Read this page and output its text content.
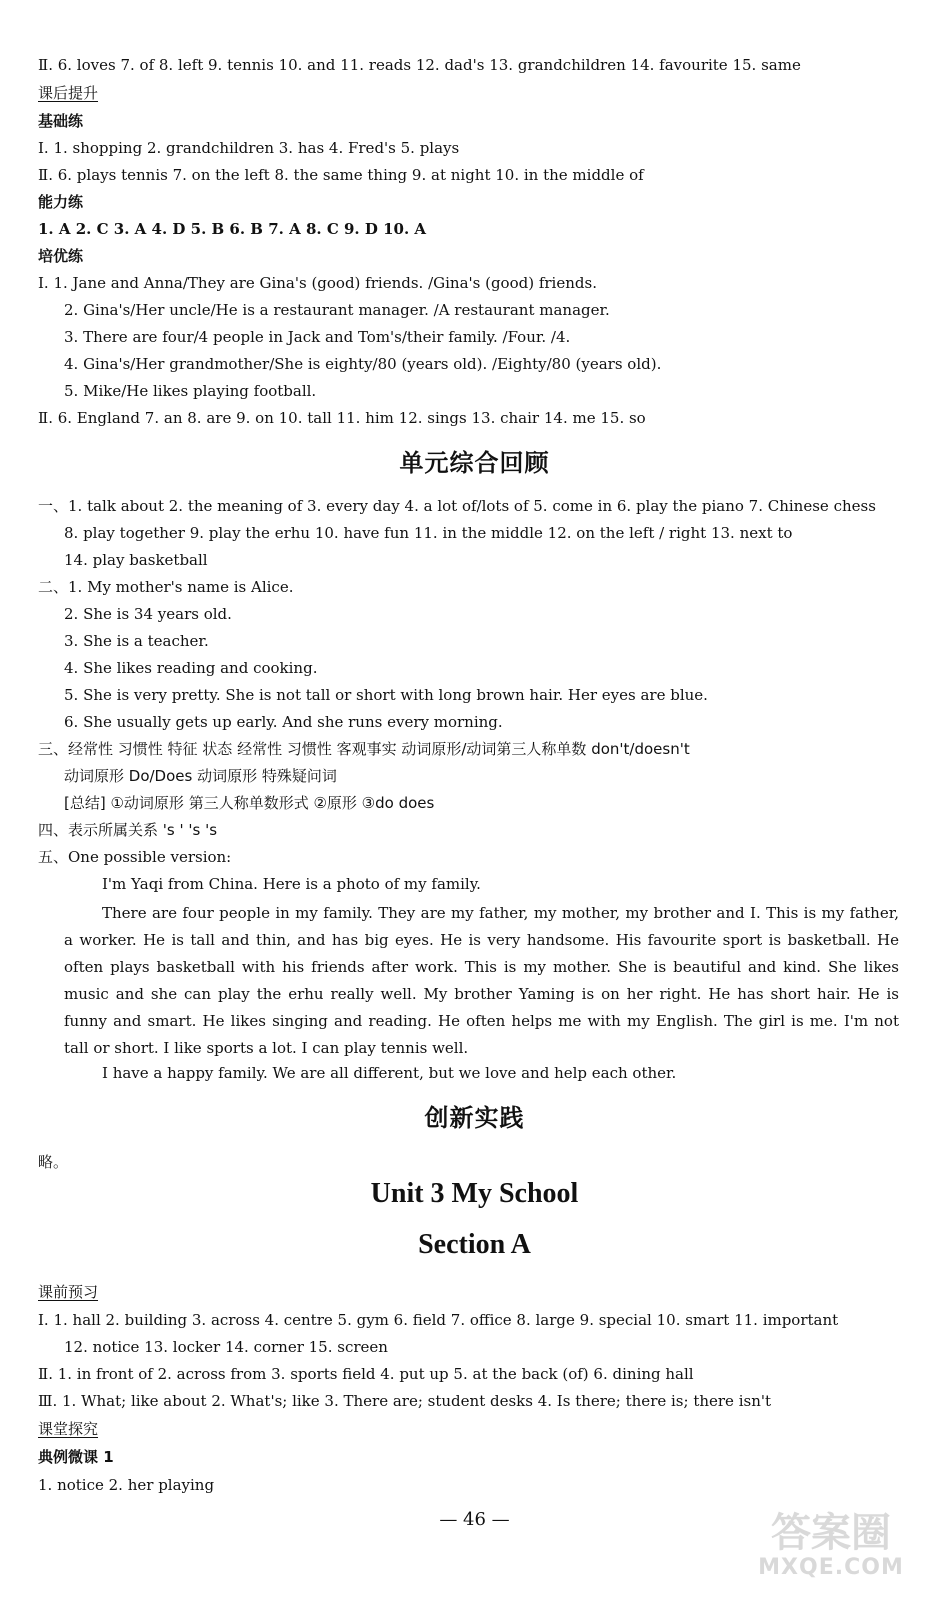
Ⅱ. 6. loves 7. of 8. left 9. tennis 10. and 11. reads 12. dad's 13. grandchildren 14. favourite 15. same
课后提升
基础练
Ⅰ. 1. shopping 2. grandchildren 3. has 4. Fred's 5. plays
Ⅱ. 6. plays tennis 7. on the left 8. the same thing 9. at night 10. in the middle of
能力练
1. A 2. C 3. A 4. D 5. B 6. B 7. A 8. C 9. D 10. A
培优练
Ⅰ. 1. Jane and Anna/They are Gina's (good) friends. /Gina's (good) friends.
2. Gina's/Her uncle/He is a restaurant manager. /A restaurant manager.
3. There are four/4 people in Jack and Tom's/their family. /Four. /4.
4. Gina's/Her grandmother/She is eighty/80 (years old). /Eighty/80 (years old).
5. Mike/He likes playing football.
Ⅱ. 6. England 7. an 8. are 9. on 10. tall 11. him 12. sings 13. chair 14. me 15. so
单元综合回顾
一、1. talk about 2. the meaning of 3. every day 4. a lot of/lots of 5. come in 6. play the piano 7. Chinese chess
8. play together 9. play the erhu 10. have fun 11. in the middle 12. on the left / right 13. next to
14. play basketball
二、1. My mother's name is Alice.
2. She is 34 years old.
3. She is a teacher.
4. She likes reading and cooking.
5. She is very pretty. She is not tall or short with long brown hair. Her eyes are blue.
6. She usually gets up early. And she runs every morning.
三、经常性 习惯性 特征 状态 经常性 习惯性 客观事实 动词原形/动词第三人称单数 don't/doesn't
动词原形 Do/Does 动词原形 特殊疑问词
[总结] ①动词原形 第三人称单数形式 ②原形 ③do does
四、表示所属关系 's ' 's 's
五、One possible version:
I'm Yaqi from China. Here is a photo of my family.
There are four people in my family. They are my father, my mother, my brother and I. This is my father, a worker. He is tall and thin, and has big eyes. He is very handsome. His favourite sport is basketball. He often plays basketball with his friends after work. This is my mother. She is beautiful and kind. She likes music and she can play the erhu really well. My brother Yaming is on her right. He has short hair. He is funny and smart. He likes singing and reading. He often helps me with my English. The girl is me. I'm not tall or short. I like sports a lot. I can play tennis well.
I have a happy family. We are all different, but we love and help each other.
创新实践
略。
Unit 3 My School
Section A
课前预习
Ⅰ. 1. hall 2. building 3. across 4. centre 5. gym 6. field 7. office 8. large 9. special 10. smart 11. important
12. notice 13. locker 14. corner 15. screen
Ⅱ. 1. in front of 2. across from 3. sports field 4. put up 5. at the back (of) 6. dining hall
Ⅲ. 1. What; like about 2. What's; like 3. There are; student desks 4. Is there; there is; there isn't
课堂探究
典例微课 1
1. notice 2. her playing
— 46 —	答案圈
MXQE.COM
